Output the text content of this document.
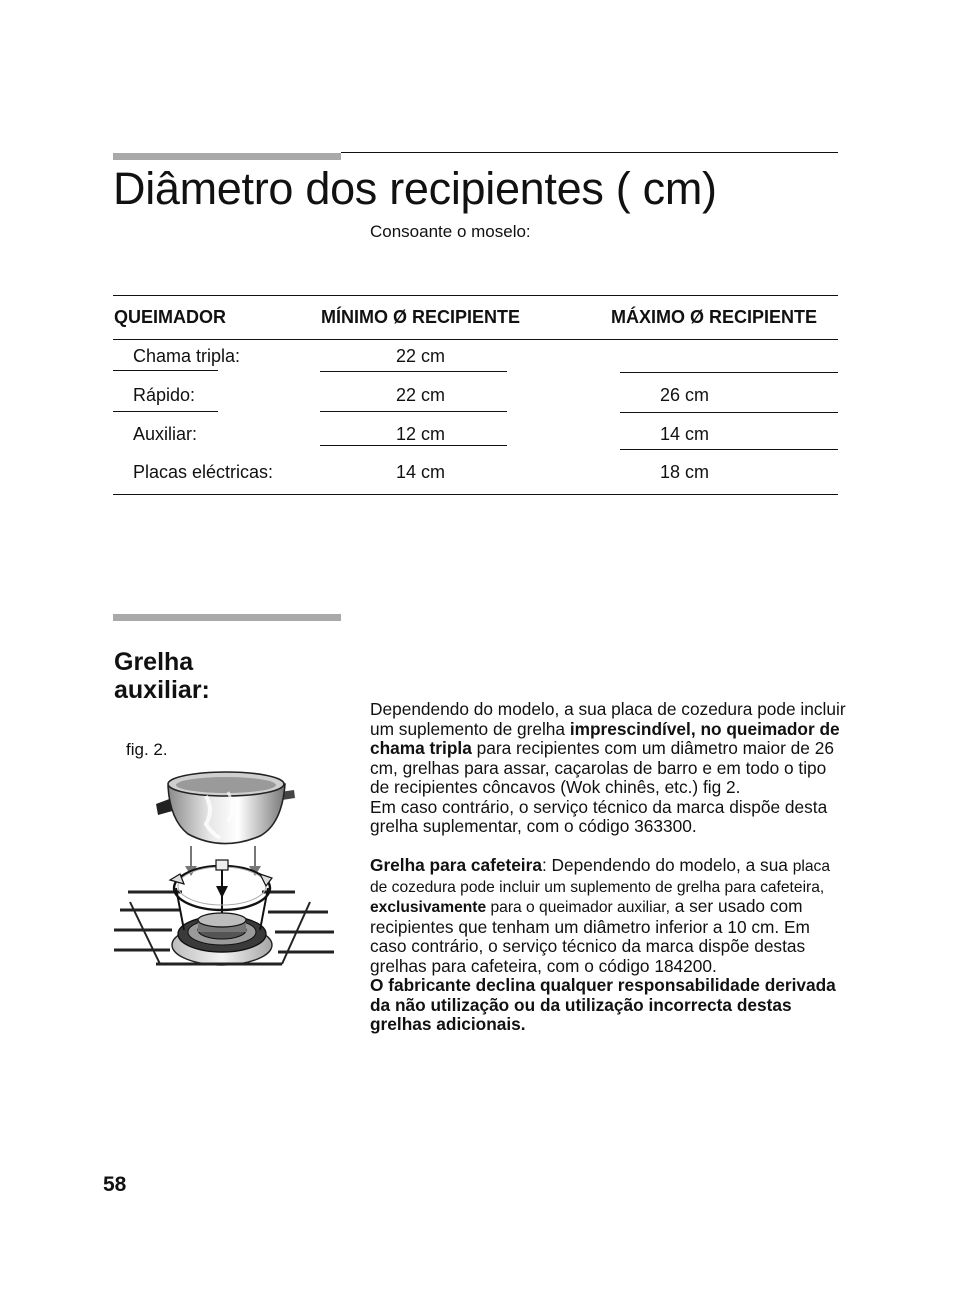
Diâmetro dos recipientes ( cm)
Consoante o moselo:
QUEIMADOR	MÍNIMO Ø RECIPIENTE	MÁXIMO Ø RECIPIENTE
Chama tripla:	22 cm
Rápido:	22 cm	26 cm
Auxiliar:	12 cm	14 cm
Placas eléctricas:	14 cm	18 cm
Grelha
auxiliar:
fig. 2.

Dependendo do modelo, a sua placa de cozedura pode incluir um suplemento de grelha imprescindível, no queimador de chama tripla para recipientes com um diâmetro maior de 26 cm, grelhas para assar, caçarolas de barro e em todo o tipo de recipientes côncavos (Wok chinês, etc.) fig 2.

Em caso contrário, o serviço técnico da marca dispõe desta grelha suplementar, com o código 363300.

Grelha para cafeteira: Dependendo do modelo, a sua placa de cozedura pode incluir um suplemento de grelha para cafeteira, exclusivamente para o queimador auxiliar, a ser usado com recipientes que tenham um diâmetro inferior a 10 cm. Em caso contrário, o serviço técnico da marca dispõe destas grelhas para cafeteira, com o código 184200.

O fabricante declina qualquer responsabilidade derivada da não utilização ou da utilização incorrecta destas grelhas adicionais.

58
